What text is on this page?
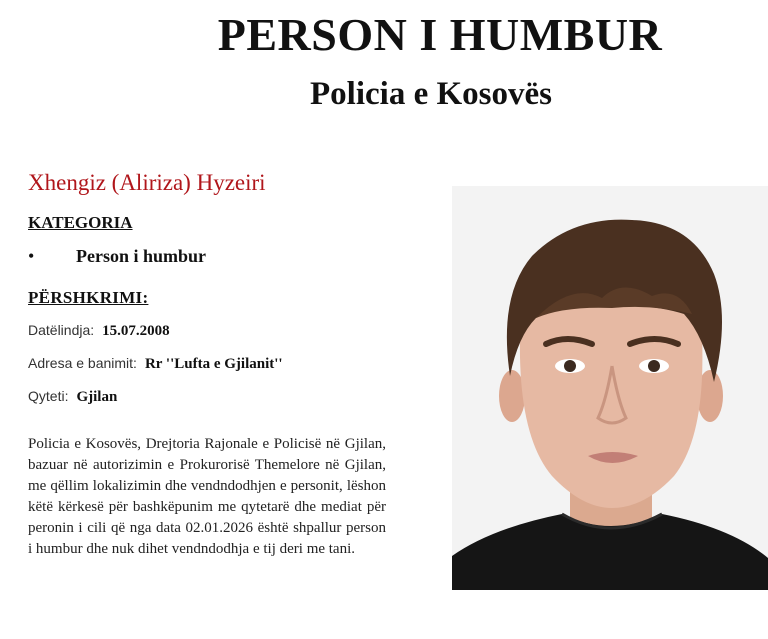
PERSON I HUMBUR
Policia e Kosovës
Xhengiz (Aliriza) Hyzeiri
KATEGORIA
• Person i humbur
PËRSHKRIMI:
Datëlindja: 15.07.2008
Adresa e banimit: Rr ''Lufta e Gjilanit''
Qyteti: Gjilan
Policia e Kosovës, Drejtoria Rajonale e Policisë në Gjilan, bazuar në autorizimin e Prokurorisë Themelore në Gjilan, me qëllim lokalizimin dhe vendndodhjen e personit, lëshon këtë kërkesë për bashkëpunim me qytetarë dhe mediat për peronin i cili që nga data 02.01.2026 është shpallur person i humbur dhe nuk dihet vendndodhja e tij deri me tani.
